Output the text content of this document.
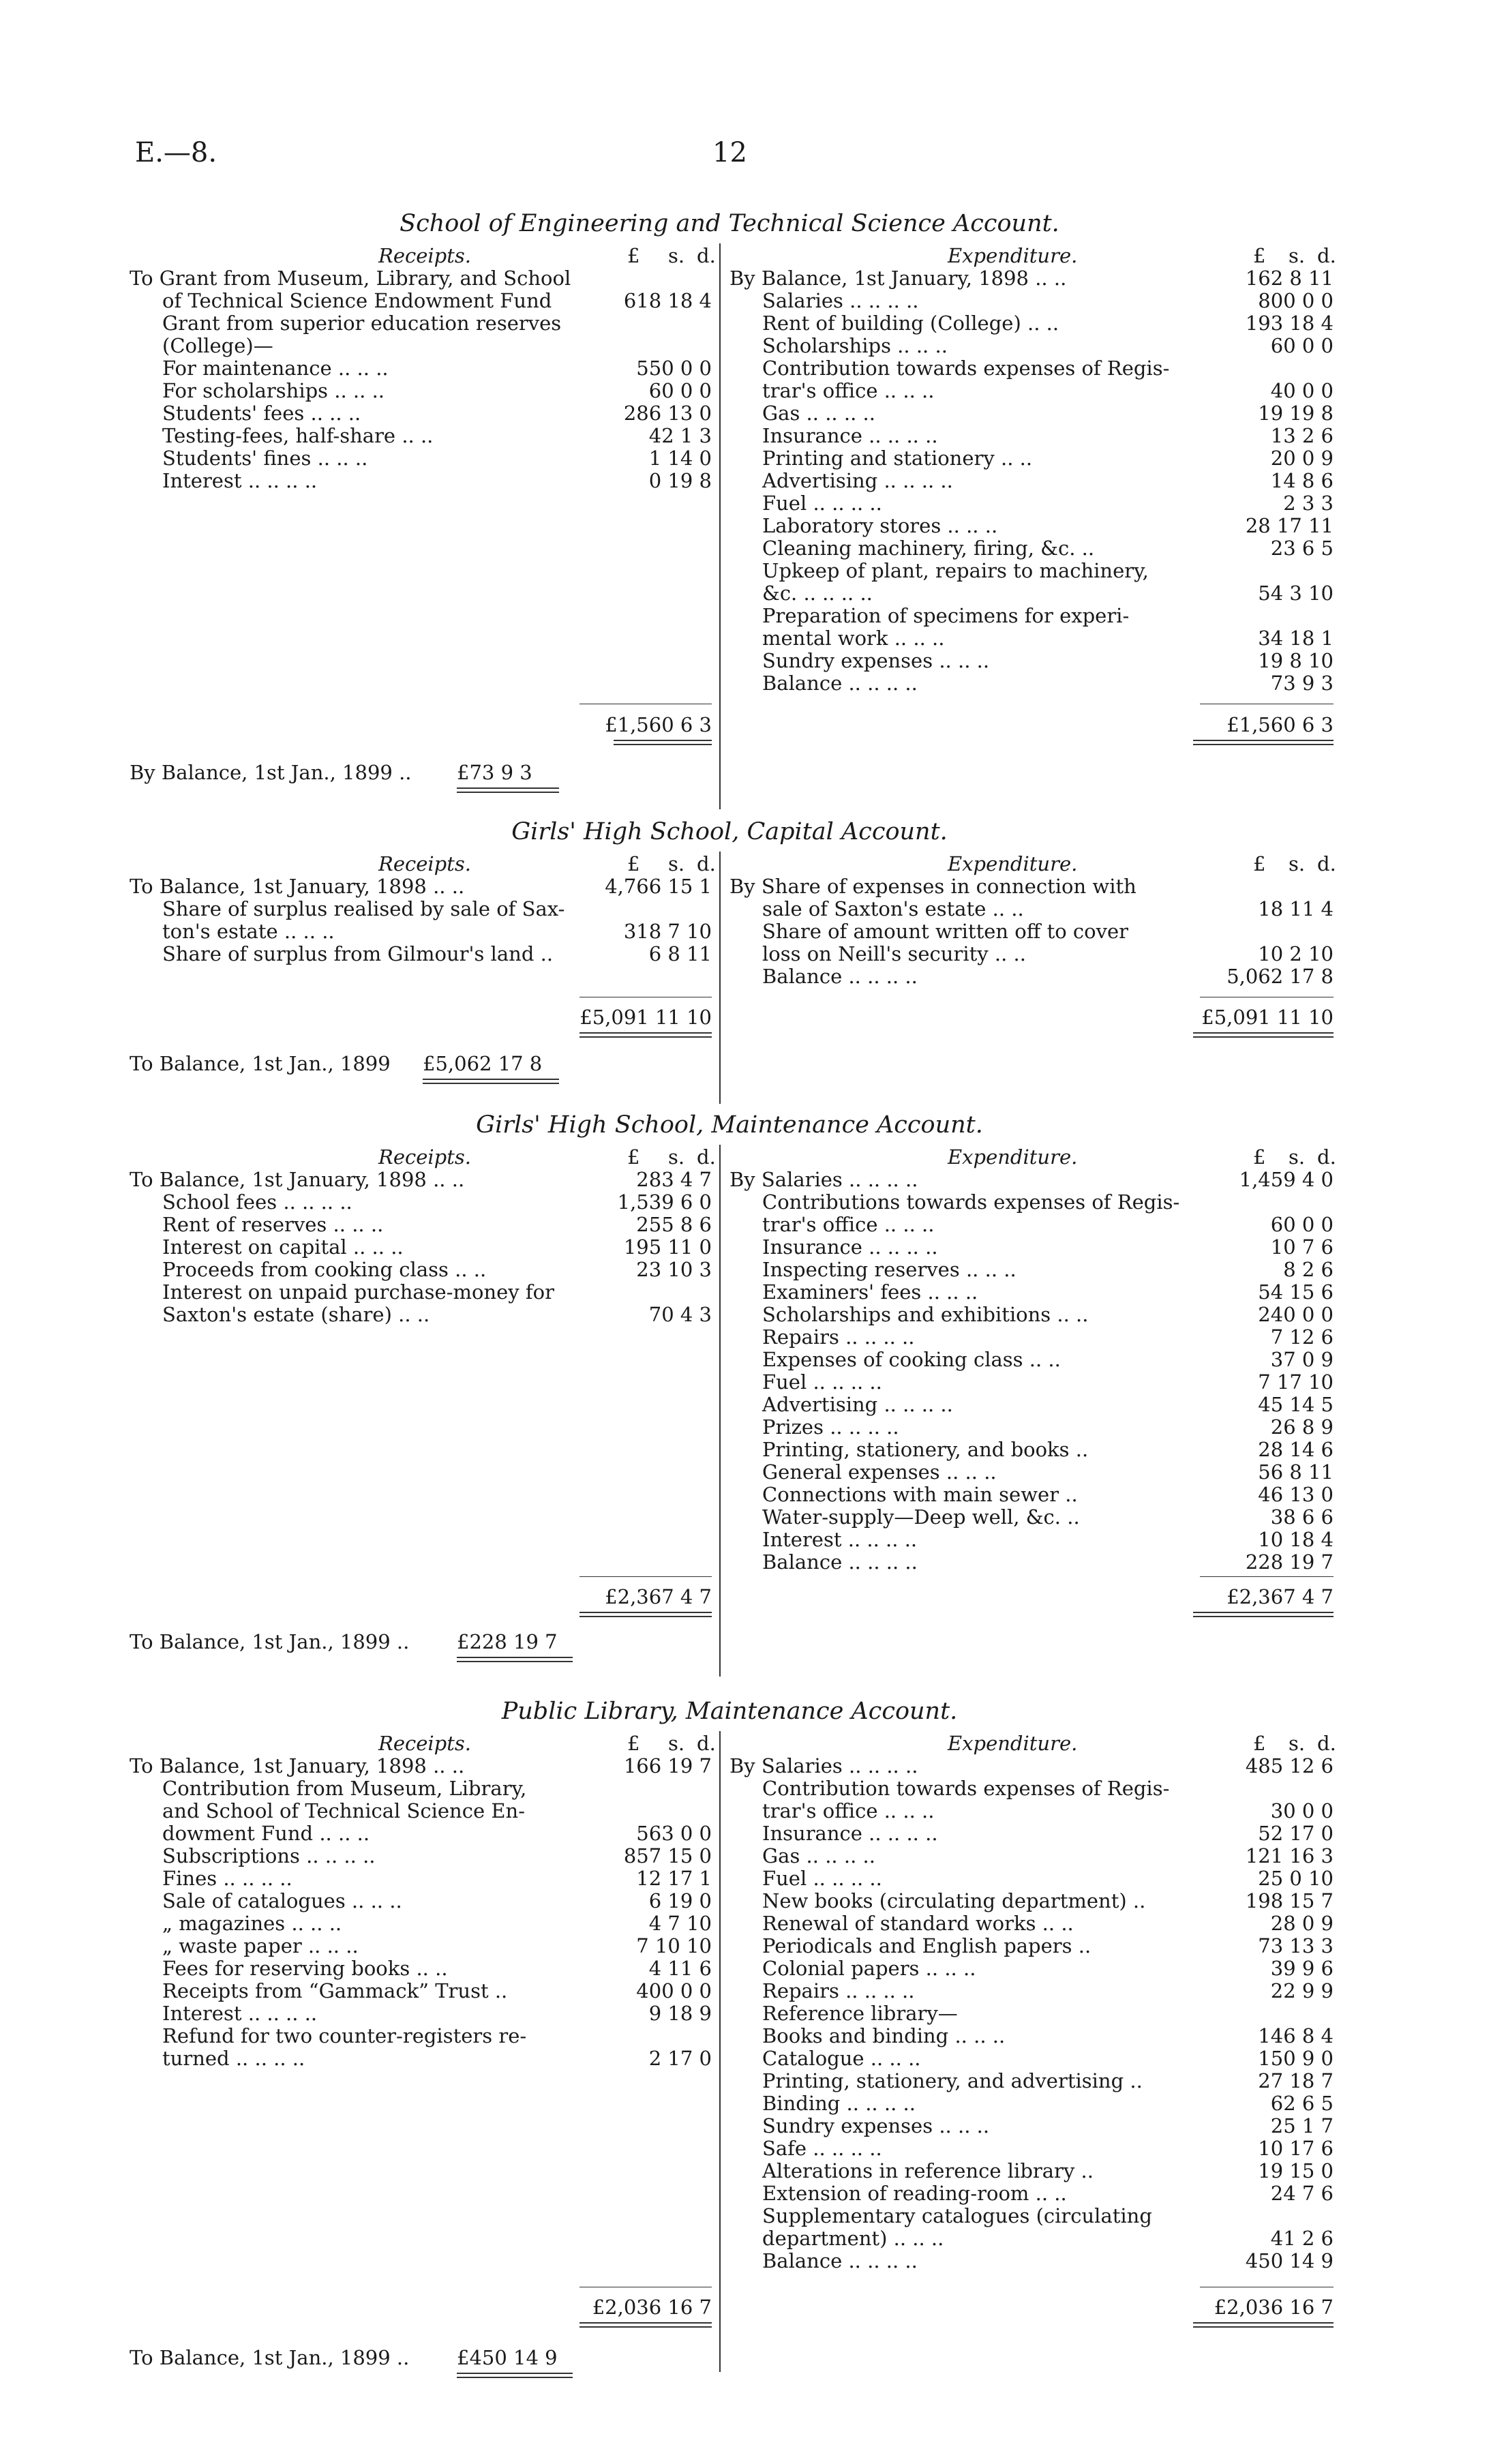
E.—8.	12
School of Engineering and Technical Science Account.
Receipts.	£ s. d.
To Grant from Museum, Library, and School
of Technical Science Endowment Fund	618 18 4
Grant from superior education reserves
(College)—
For maintenance .. .. ..	550 0 0
For scholarships .. .. ..	60 0 0
Students' fees .. .. ..	286 13 0
Testing-fees, half-share .. ..	42 1 3
Students' fines .. .. ..	1 14 0
Interest .. .. .. ..	0 19 8
Expenditure.	£ s. d.
By Balance, 1st January, 1898 .. ..	162 8 11
Salaries .. .. .. ..	800 0 0
Rent of building (College) .. ..	193 18 4
Scholarships .. .. ..	60 0 0
Contribution towards expenses of Regis-
trar's office .. .. ..	40 0 0
Gas .. .. .. ..	19 19 8
Insurance .. .. .. ..	13 2 6
Printing and stationery .. ..	20 0 9
Advertising .. .. .. ..	14 8 6
Fuel .. .. .. ..	2 3 3
Laboratory stores .. .. ..	28 17 11
Cleaning machinery, firing, &c. ..	23 6 5
Upkeep of plant, repairs to machinery,
&c. .. .. .. ..	54 3 10
Preparation of specimens for experi-
mental work .. .. ..	34 18 1
Sundry expenses .. .. ..	19 8 10
Balance .. .. .. ..	73 9 3
£1,560 6 3	£1,560 6 3
By Balance, 1st Jan., 1899 .. £73 9 3
Girls' High School, Capital Account.
Receipts.	£ s. d.
To Balance, 1st January, 1898 .. ..	4,766 15 1
Share of surplus realised by sale of Sax-
ton's estate .. .. ..	318 7 10
Share of surplus from Gilmour's land ..	6 8 11
Expenditure.	£ s. d.
By Share of expenses in connection with
sale of Saxton's estate .. ..	18 11 4
Share of amount written off to cover
loss on Neill's security .. ..	10 2 10
Balance .. .. .. ..	5,062 17 8
£5,091 11 10	£5,091 11 10
To Balance, 1st Jan., 1899 £5,062 17 8
Girls' High School, Maintenance Account.
Receipts.	£ s. d.
To Balance, 1st January, 1898 .. ..	283 4 7
School fees .. .. .. ..	1,539 6 0
Rent of reserves .. .. ..	255 8 6
Interest on capital .. .. ..	195 11 0
Proceeds from cooking class .. ..	23 10 3
Interest on unpaid purchase-money for
Saxton's estate (share) .. ..	70 4 3
Expenditure.	£ s. d.
By Salaries .. .. .. ..	1,459 4 0
Contributions towards expenses of Regis-
trar's office .. .. ..	60 0 0
Insurance .. .. .. ..	10 7 6
Inspecting reserves .. .. ..	8 2 6
Examiners' fees .. .. ..	54 15 6
Scholarships and exhibitions .. ..	240 0 0
Repairs .. .. .. ..	7 12 6
Expenses of cooking class .. ..	37 0 9
Fuel .. .. .. ..	7 17 10
Advertising .. .. .. ..	45 14 5
Prizes .. .. .. ..	26 8 9
Printing, stationery, and books ..	28 14 6
General expenses .. .. ..	56 8 11
Connections with main sewer ..	46 13 0
Water-supply—Deep well, &c. ..	38 6 6
Interest .. .. .. ..	10 18 4
Balance .. .. .. ..	228 19 7
£2,367 4 7	£2,367 4 7
To Balance, 1st Jan., 1899 .. £228 19 7
Public Library, Maintenance Account.
Receipts.	£ s. d.
To Balance, 1st January, 1898 .. ..	166 19 7
Contribution from Museum, Library,
and School of Technical Science En-
dowment Fund .. .. ..	563 0 0
Subscriptions .. .. .. ..	857 15 0
Fines .. .. .. ..	12 17 1
Sale of catalogues .. .. ..	6 19 0
„ magazines .. .. ..	4 7 10
„ waste paper .. .. ..	7 10 10
Fees for reserving books .. ..	4 11 6
Receipts from “Gammack” Trust ..	400 0 0
Interest .. .. .. ..	9 18 9
Refund for two counter-registers re-
turned .. .. .. ..	2 17 0
Expenditure.	£ s. d.
By Salaries .. .. .. ..	485 12 6
Contribution towards expenses of Regis-
trar's office .. .. ..	30 0 0
Insurance .. .. .. ..	52 17 0
Gas .. .. .. ..	121 16 3
Fuel .. .. .. ..	25 0 10
New books (circulating department) ..	198 15 7
Renewal of standard works .. ..	28 0 9
Periodicals and English papers ..	73 13 3
Colonial papers .. .. ..	39 9 6
Repairs .. .. .. ..	22 9 9
Reference library—
Books and binding .. .. ..	146 8 4
Catalogue .. .. ..	150 9 0
Printing, stationery, and advertising ..	27 18 7
Binding .. .. .. ..	62 6 5
Sundry expenses .. .. ..	25 1 7
Safe .. .. .. ..	10 17 6
Alterations in reference library ..	19 15 0
Extension of reading-room .. ..	24 7 6
Supplementary catalogues (circulating
department) .. .. ..	41 2 6
Balance .. .. .. ..	450 14 9
£2,036 16 7	£2,036 16 7
To Balance, 1st Jan., 1899 .. £450 14 9
